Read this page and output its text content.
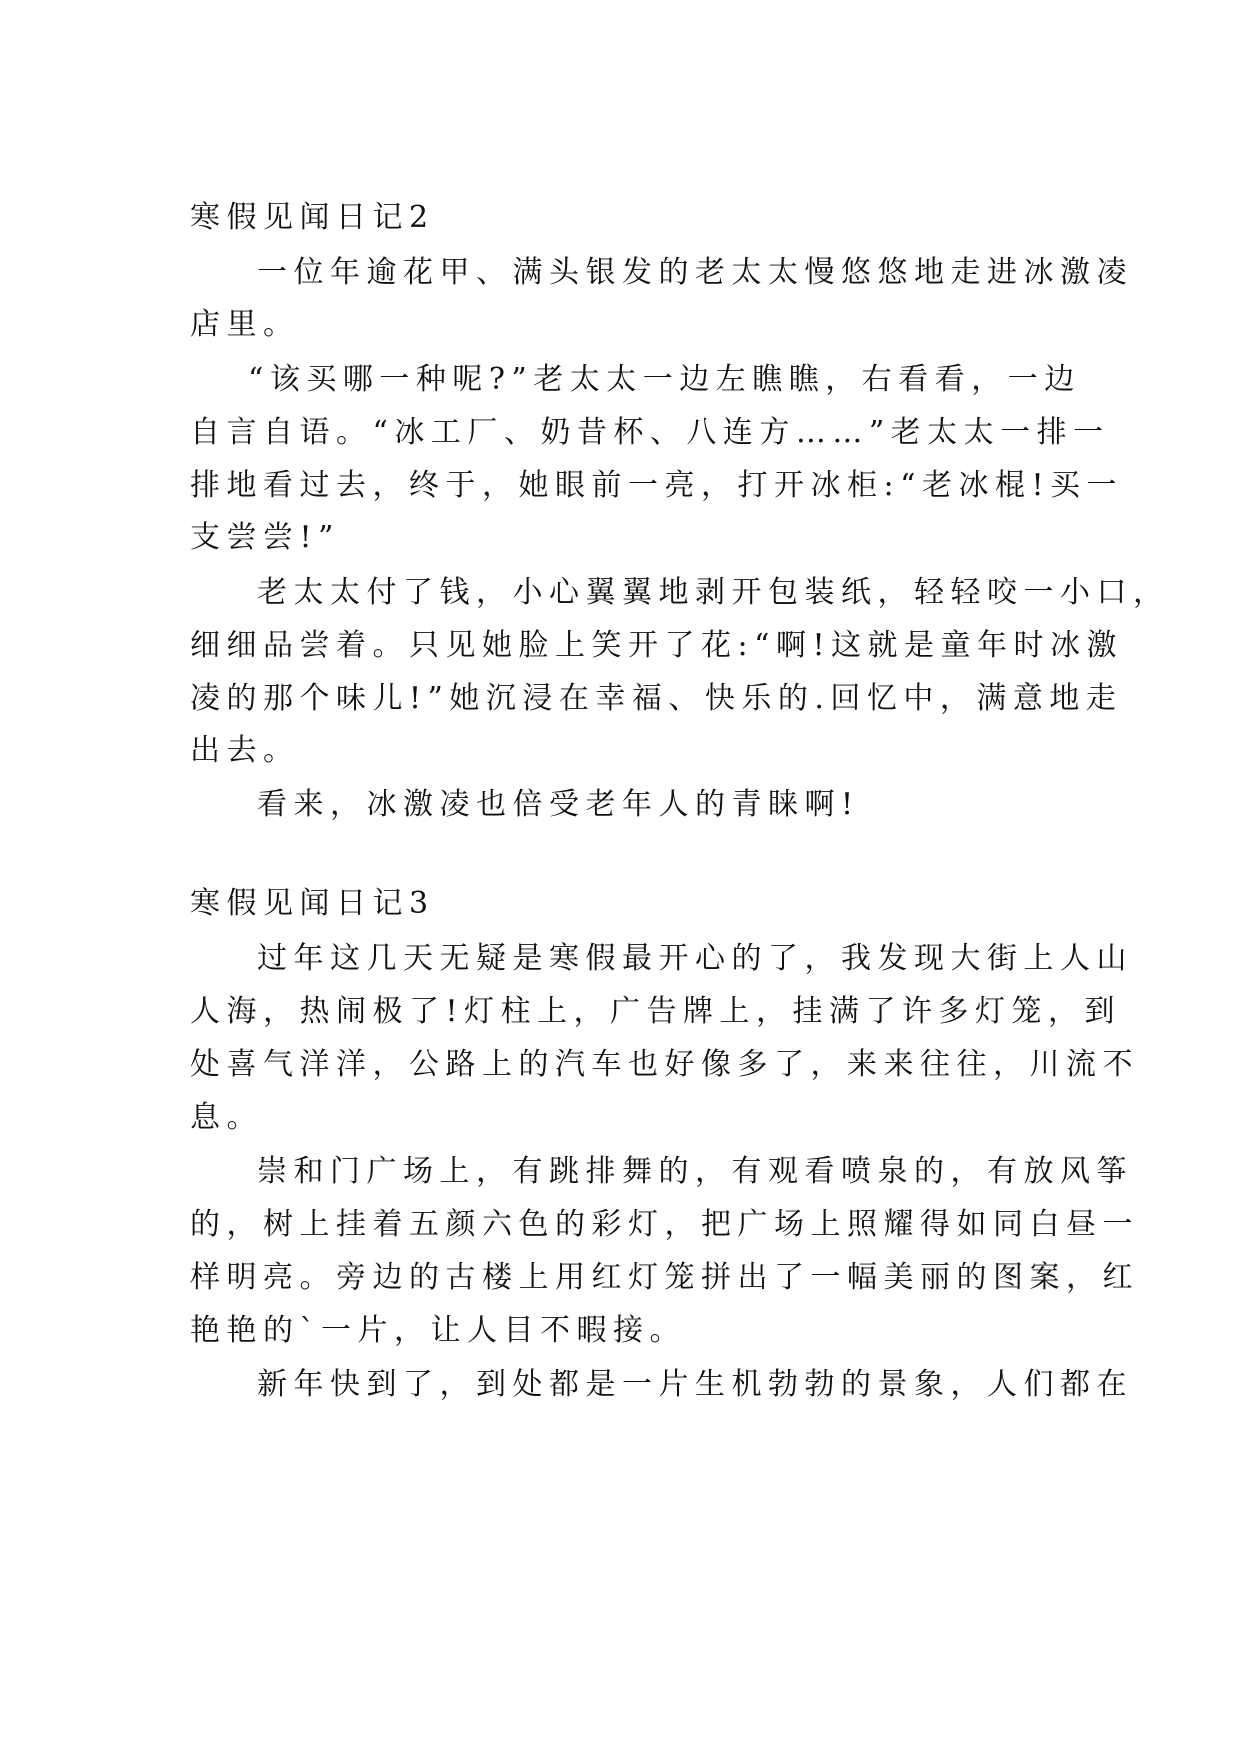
寒假见闻日记2
一位年逾花甲、满头银发的老太太慢悠悠地走进冰激凌
店里。
“该买哪一种呢?”老太太一边左瞧瞧，右看看，一边
自言自语。“冰工厂、奶昔杯、八连方……”老太太一排一
排地看过去，终于，她眼前一亮，打开冰柜:“老冰棍!买一
支尝尝!”
老太太付了钱，小心翼翼地剥开包装纸，轻轻咬一小口，
细细品尝着。只见她脸上笑开了花:“啊!这就是童年时冰激
凌的那个味儿!”她沉浸在幸福、快乐的.回忆中，满意地走
出去。
看来，冰激凌也倍受老年人的青睐啊!
寒假见闻日记3
过年这几天无疑是寒假最开心的了，我发现大街上人山
人海，热闹极了!灯柱上，广告牌上，挂满了许多灯笼，到
处喜气洋洋，公路上的汽车也好像多了，来来往往，川流不
息。
崇和门广场上，有跳排舞的，有观看喷泉的，有放风筝
的，树上挂着五颜六色的彩灯，把广场上照耀得如同白昼一
样明亮。旁边的古楼上用红灯笼拼出了一幅美丽的图案，红
艳艳的`一片，让人目不暇接。
新年快到了，到处都是一片生机勃勃的景象，人们都在
